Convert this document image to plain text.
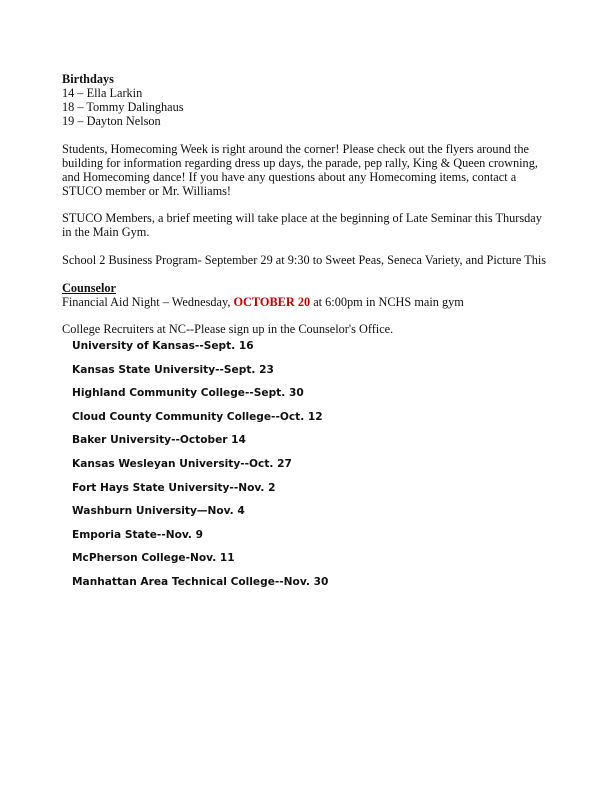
Birthdays
14 – Ella Larkin
18 – Tommy Dalinghaus
19 – Dayton Nelson
Students, Homecoming Week is right around the corner! Please check out the flyers around the
building for information regarding dress up days, the parade, pep rally, King & Queen crowning,
and Homecoming dance! If you have any questions about any Homecoming items, contact a
STUCO member or Mr. Williams!
STUCO Members, a brief meeting will take place at the beginning of Late Seminar this Thursday
in the Main Gym.
School 2 Business Program- September 29 at 9:30 to Sweet Peas, Seneca Variety, and Picture This
Counselor
Financial Aid Night – Wednesday, OCTOBER 20 at 6:00pm in NCHS main gym
College Recruiters at NC--Please sign up in the Counselor's Office.
University of Kansas--Sept. 16
Kansas State University--Sept. 23
Highland Community College--Sept. 30
Cloud County Community College--Oct. 12
Baker University--October 14
Kansas Wesleyan University--Oct. 27
Fort Hays State University--Nov. 2
Washburn University—Nov. 4
Emporia State--Nov. 9
McPherson College-Nov. 11
Manhattan Area Technical College--Nov. 30
